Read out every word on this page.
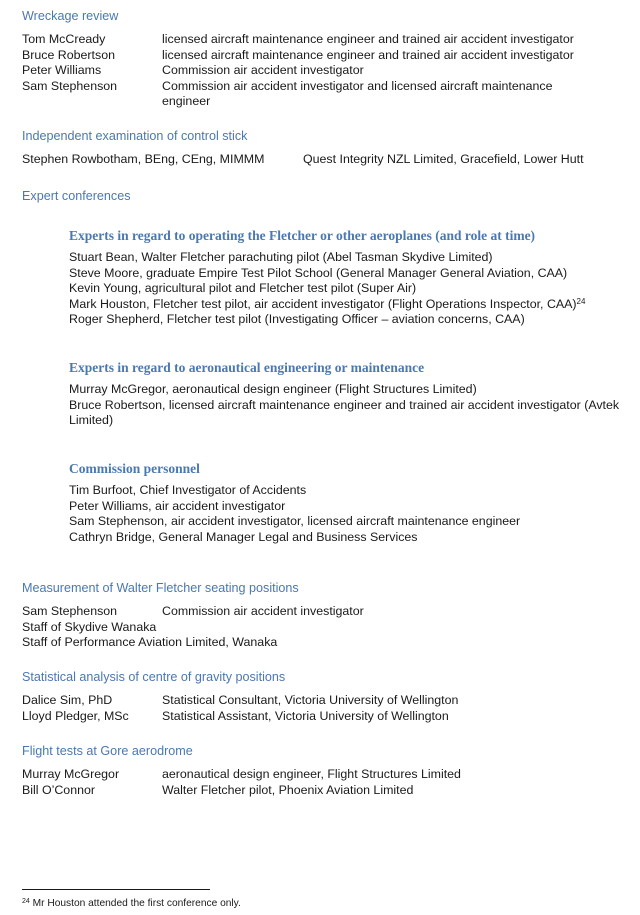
Wreckage review
Tom McCready	licensed aircraft maintenance engineer and trained air accident investigator
Bruce Robertson	licensed aircraft maintenance engineer and trained air accident investigator
Peter Williams	Commission air accident investigator
Sam Stephenson	Commission air accident investigator and licensed aircraft maintenance engineer
Independent examination of control stick
Stephen Rowbotham, BEng, CEng, MIMMM	Quest Integrity NZL Limited, Gracefield, Lower Hutt
Expert conferences
Experts in regard to operating the Fletcher or other aeroplanes (and role at time)
Stuart Bean, Walter Fletcher parachuting pilot (Abel Tasman Skydive Limited)
Steve Moore, graduate Empire Test Pilot School (General Manager General Aviation, CAA)
Kevin Young, agricultural pilot and Fletcher test pilot (Super Air)
Mark Houston, Fletcher test pilot, air accident investigator (Flight Operations Inspector, CAA)$^{24}$
Roger Shepherd, Fletcher test pilot (Investigating Officer – aviation concerns, CAA)
Experts in regard to aeronautical engineering or maintenance
Murray McGregor, aeronautical design engineer (Flight Structures Limited)
Bruce Robertson, licensed aircraft maintenance engineer and trained air accident investigator (Avtek Limited)
Commission personnel
Tim Burfoot, Chief Investigator of Accidents
Peter Williams, air accident investigator
Sam Stephenson, air accident investigator, licensed aircraft maintenance engineer
Cathryn Bridge, General Manager Legal and Business Services
Measurement of Walter Fletcher seating positions
Sam Stephenson	Commission air accident investigator
Staff of Skydive Wanaka
Staff of Performance Aviation Limited, Wanaka
Statistical analysis of centre of gravity positions
Dalice Sim, PhD	Statistical Consultant, Victoria University of Wellington
Lloyd Pledger, MSc	Statistical Assistant, Victoria University of Wellington
Flight tests at Gore aerodrome
Murray McGregor	aeronautical design engineer, Flight Structures Limited
Bill O’Connor	Walter Fletcher pilot, Phoenix Aviation Limited
$^{24}$ Mr Houston attended the first conference only.
